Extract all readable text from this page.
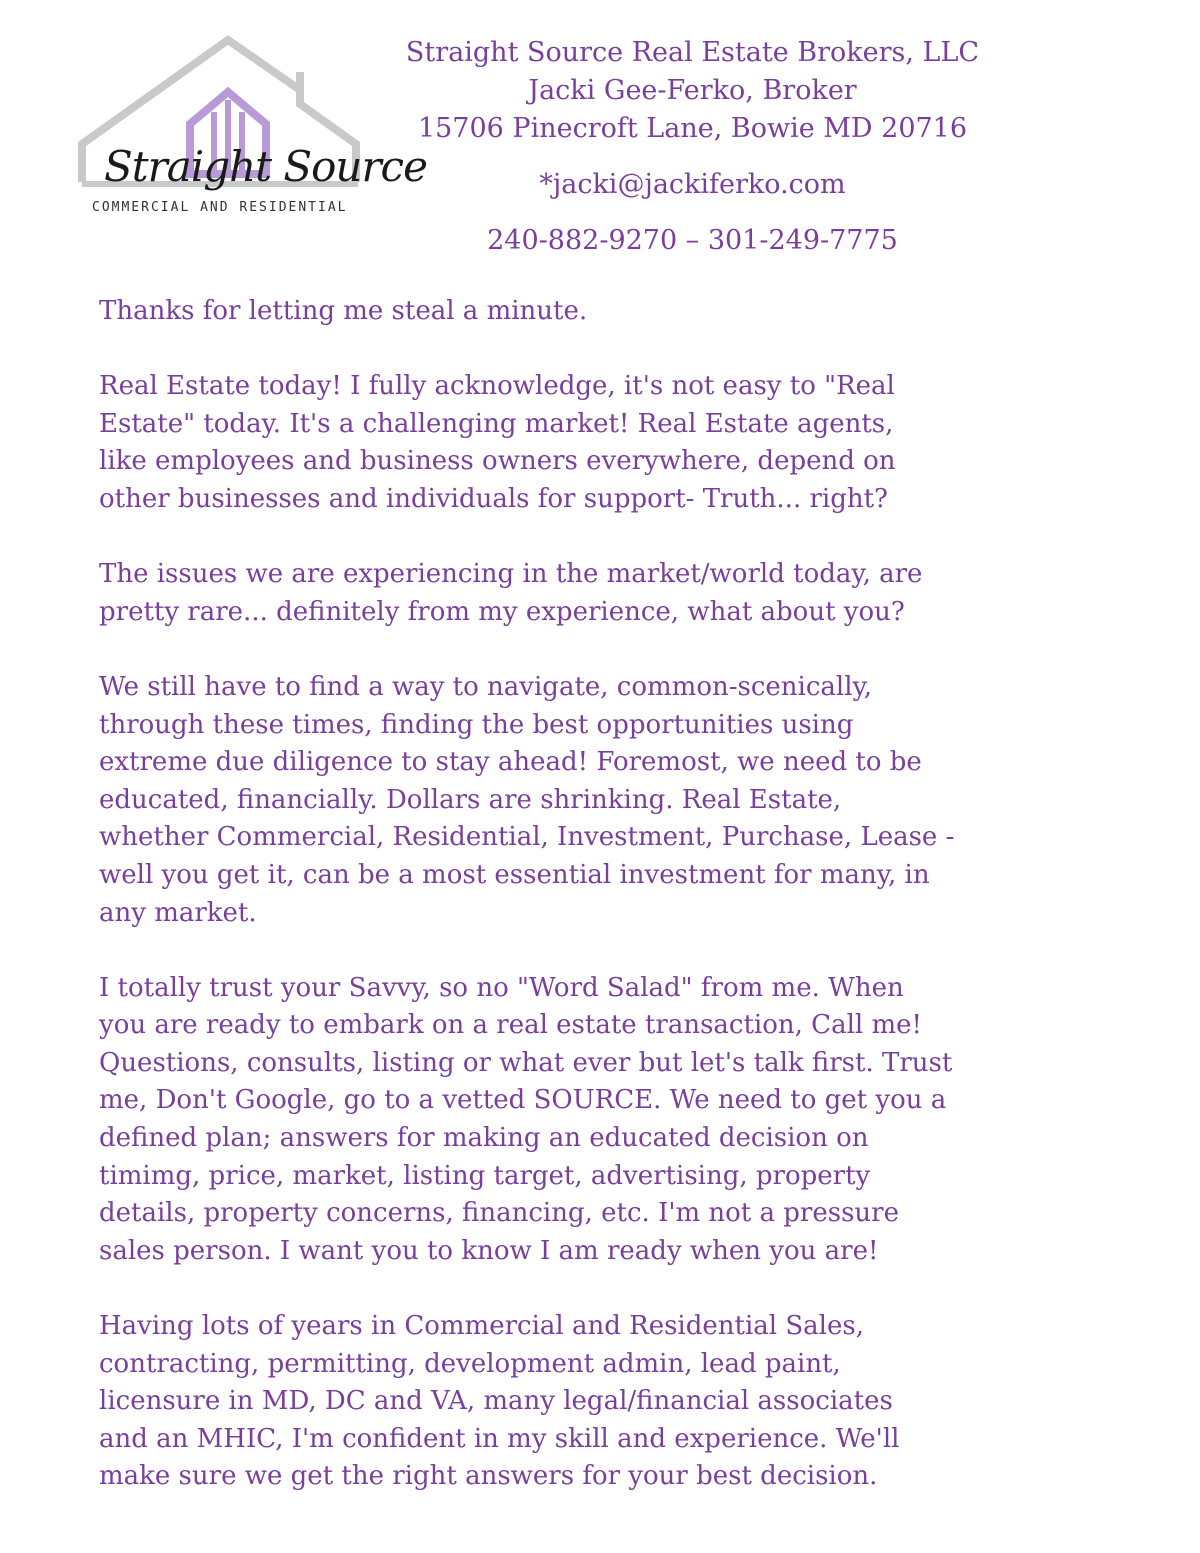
Straight Source
COMMERCIAL AND RESIDENTIAL
Straight Source Real Estate Brokers, LLC
Jacki Gee-Ferko, Broker
15706 Pinecroft Lane, Bowie MD 20716
*jacki@jackiferko.com
240-882-9270 – 301-249-7775

Thanks for letting me steal a minute.

Real Estate today! I fully acknowledge, it's not easy to "Real
Estate" today. It's a challenging market! Real Estate agents,
like employees and business owners everywhere, depend on
other businesses and individuals for support- Truth... right?

The issues we are experiencing in the market/world today, are
pretty rare... definitely from my experience, what about you?

We still have to find a way to navigate, common-scenically,
through these times, finding the best opportunities using
extreme due diligence to stay ahead! Foremost, we need to be
educated, financially. Dollars are shrinking. Real Estate,
whether Commercial, Residential, Investment, Purchase, Lease -
well you get it, can be a most essential investment for many, in
any market.

I totally trust your Savvy, so no "Word Salad" from me. When
you are ready to embark on a real estate transaction, Call me!
Questions, consults, listing or what ever but let's talk first. Trust
me, Don't Google, go to a vetted SOURCE. We need to get you a
defined plan; answers for making an educated decision on
timimg, price, market, listing target, advertising, property
details, property concerns, financing, etc. I'm not a pressure
sales person. I want you to know I am ready when you are!

Having lots of years in Commercial and Residential Sales,
contracting, permitting, development admin, lead paint,
licensure in MD, DC and VA, many legal/financial associates
and an MHIC, I'm confident in my skill and experience. We'll
make sure we get the right answers for your best decision.
